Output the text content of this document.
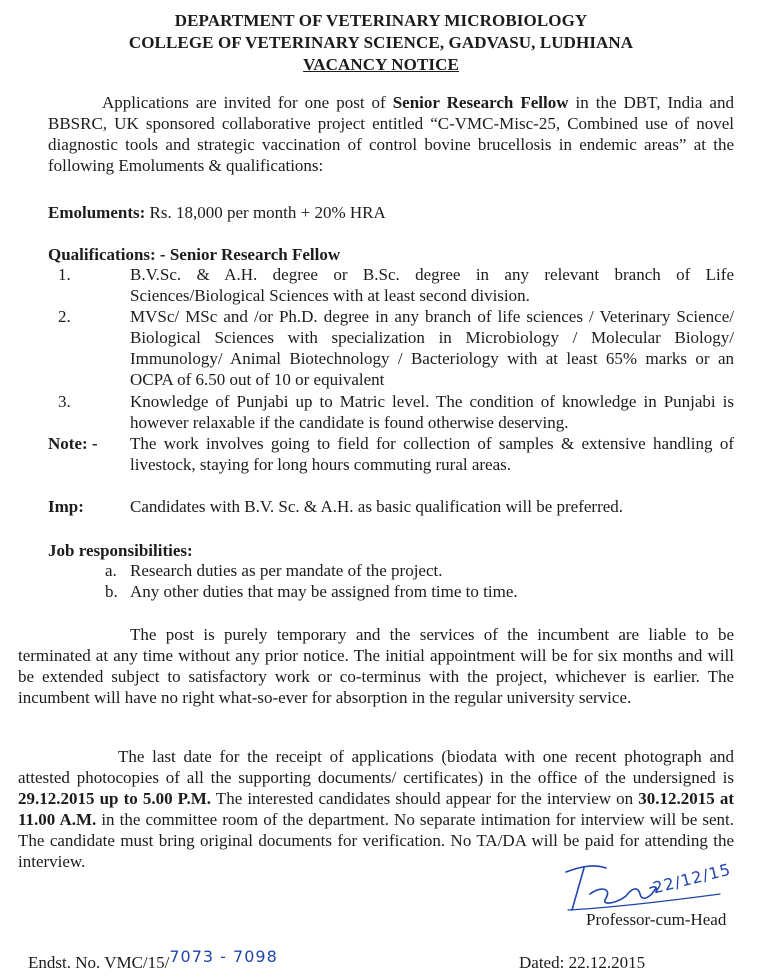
DEPARTMENT OF VETERINARY MICROBIOLOGY
COLLEGE OF VETERINARY SCIENCE, GADVASU, LUDHIANA
VACANCY NOTICE
Applications are invited for one post of Senior Research Fellow in the DBT, India and BBSRC, UK sponsored collaborative project entitled “C-VMC-Misc-25, Combined use of novel diagnostic tools and strategic vaccination of control bovine brucellosis in endemic areas” at the following Emoluments & qualifications:
Emoluments: Rs. 18,000 per month + 20% HRA
Qualifications: - Senior Research Fellow
1.	B.V.Sc. & A.H. degree or B.Sc. degree in any relevant branch of Life Sciences/Biological Sciences with at least second division.
2.	MVSc/ MSc and /or Ph.D. degree in any branch of life sciences / Veterinary Science/ Biological Sciences with specialization in Microbiology / Molecular Biology/ Immunology/ Animal Biotechnology / Bacteriology with at least 65% marks or an OCPA of 6.50 out of 10 or equivalent
3.	Knowledge of Punjabi up to Matric level. The condition of knowledge in Punjabi is however relaxable if the candidate is found otherwise deserving.
Note: - The work involves going to field for collection of samples & extensive handling of livestock, staying for long hours commuting rural areas.
Imp:	Candidates with B.V. Sc. & A.H. as basic qualification will be preferred.
Job responsibilities:
a. Research duties as per mandate of the project.
b. Any other duties that may be assigned from time to time.
The post is purely temporary and the services of the incumbent are liable to be terminated at any time without any prior notice. The initial appointment will be for six months and will be extended subject to satisfactory work or co-terminus with the project, whichever is earlier. The incumbent will have no right what-so-ever for absorption in the regular university service.
The last date for the receipt of applications (biodata with one recent photograph and attested photocopies of all the supporting documents/ certificates) in the office of the undersigned is 29.12.2015 up to 5.00 P.M. The interested candidates should appear for the interview on 30.12.2015 at 11.00 A.M. in the committee room of the department. No separate intimation for interview will be sent. The candidate must bring original documents for verification. No TA/DA will be paid for attending the interview.	22/12/15
Professor-cum-Head
Endst. No. VMC/15/7073 - 7098	Dated: 22.12.2015
